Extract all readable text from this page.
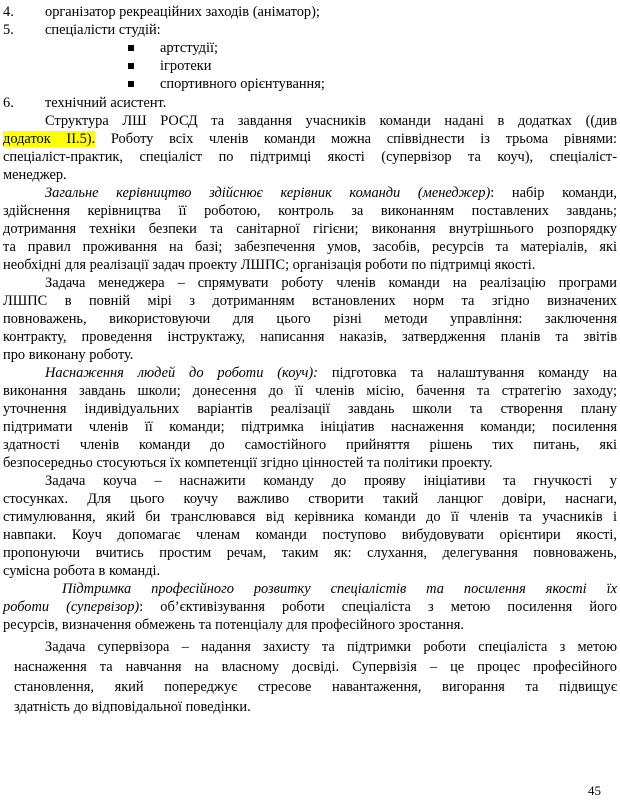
4. організатор рекреаційних заходів (аніматор);
5. спеціалісти студій:
артстудії;
ігротеки
спортивного орієнтування;
6. технічний асистент.
Структура ЛШ РОСД та завдання учасників команди надані в додатках ((див
додаток ІІ.5). Роботу всіх членів команди можна співвіднести із трьома рівнями:
спеціаліст-практик, спеціаліст по підтримці якості (супервізор та коуч), спеціаліст-
менеджер.
Загальне керівництво здійснює керівник команди (менеджер): набір команди,
здійснення керівництва її роботою, контроль за виконанням поставлених завдань;
дотримання техніки безпеки та санітарної гігієни; виконання внутрішнього розпорядку
та правил проживання на базі; забезпечення умов, засобів, ресурсів та матеріалів, які
необхідні для реалізації задач проекту ЛШПС; організація роботи по підтримці якості.
Задача менеджера – спрямувати роботу членів команди на реалізацію програми
ЛШПС в повній мірі з дотриманням встановлених норм та згідно визначених
повноважень, використовуючи для цього різні методи управління: заключення
контракту, проведення інструктажу, написання наказів, затвердження планів та звітів
про виконану роботу.
Наснаження людей до роботи (коуч): підготовка та налаштування команду на
виконання завдань школи; донесення до її членів місію, бачення та стратегію заходу;
уточнення індивідуальних варіантів реалізації завдань школи та створення плану
підтримати членів її команди; підтримка ініціатив наснаження команди; посилення
здатності членів команди до самостійного прийняття рішень тих питань, які
безпосередньо стосуються їх компетенції згідно цінностей та політики проекту.
Задача коуча – наснажити команду до прояву ініціативи та гнучкості у
стосунках. Для цього коучу важливо створити такий ланцюг довіри, наснаги,
стимулювання, який би транслювався від керівника команди до її членів та учасників і
навпаки. Коуч допомагає членам команди поступово вибудовувати орієнтири якості,
пропонуючи вчитись простим речам, таким як: слухання, делегування повноважень,
сумісна робота в команді.
Підтримка професійного розвитку спеціалістів та посилення якості їх
роботи (супервізор): об’єктивізування роботи спеціаліста з метою посилення його
ресурсів, визначення обмежень та потенціалу для професійного зростання.
Задача супервізора – надання захисту та підтримки роботи спеціаліста з метою
наснаження та навчання на власному досвіді. Супервізія – це процес професійного
становлення, який попереджує стресове навантаження, вигорання та підвищує
здатність до відповідальної поведінки.
45
